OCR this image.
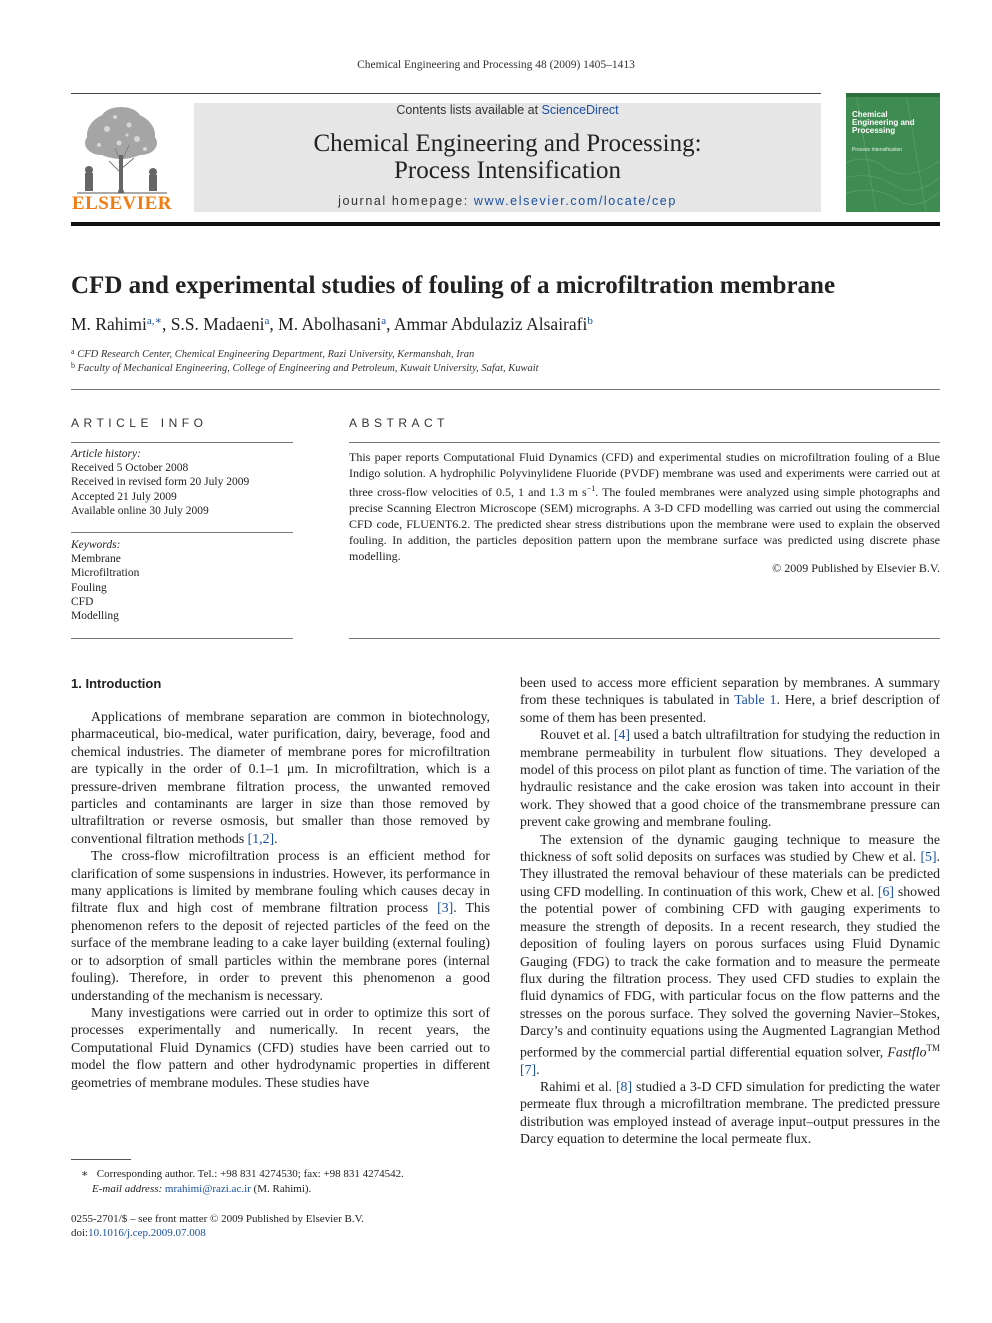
Chemical Engineering and Processing 48 (2009) 1405–1413
ELSEVIER
Contents lists available at ScienceDirect
Chemical Engineering and Processing:
Process Intensification
journal homepage: www.elsevier.com/locate/cep
Chemical Engineering and Processing
Process Intensification
CFD and experimental studies of fouling of a microfiltration membrane
M. Rahimi$^{a,∗}$, S.S. Madaeni$^a$, M. Abolhasani$^a$, Ammar Abdulaziz Alsairafi$^b$
$^a$ CFD Research Center, Chemical Engineering Department, Razi University, Kermanshah, Iran
$^b$ Faculty of Mechanical Engineering, College of Engineering and Petroleum, Kuwait University, Safat, Kuwait
ARTICLE INFO	ABSTRACT
Article history:
Received 5 October 2008
Received in revised form 20 July 2009
Accepted 21 July 2009
Available online 30 July 2009
Keywords:
Membrane
Microfiltration
Fouling
CFD
Modelling
This paper reports Computational Fluid Dynamics (CFD) and experimental studies on microfiltration fouling of a Blue Indigo solution. A hydrophilic Polyvinylidene Fluoride (PVDF) membrane was used and experiments were carried out at three cross-flow velocities of 0.5, 1 and 1.3 m $s^{-1}$. The fouled membranes were analyzed using simple photographs and precise Scanning Electron Microscope (SEM) micrographs. A 3-D CFD modelling was carried out using the commercial CFD code, FLUENT6.2. The predicted shear stress distributions upon the membrane were used to explain the observed fouling. In addition, the particles deposition pattern upon the membrane surface was predicted using discrete phase modelling.
© 2009 Published by Elsevier B.V.
1. Introduction

Applications of membrane separation are common in biotechnology, pharmaceutical, bio-medical, water purification, dairy, beverage, food and chemical industries. The diameter of membrane pores for microfiltration are typically in the order of 0.1–1 μm. In microfiltration, which is a pressure-driven membrane filtration process, the unwanted removed particles and contaminants are larger in size than those removed by ultrafiltration or reverse osmosis, but smaller than those removed by conventional filtration methods [1,2].

The cross-flow microfiltration process is an efficient method for clarification of some suspensions in industries. However, its performance in many applications is limited by membrane fouling which causes decay in filtrate flux and high cost of membrane filtration process [3]. This phenomenon refers to the deposit of rejected particles of the feed on the surface of the membrane leading to a cake layer building (external fouling) or to adsorption of small particles within the membrane pores (internal fouling). Therefore, in order to prevent this phenomenon a good understanding of the mechanism is necessary.

Many investigations were carried out in order to optimize this sort of processes experimentally and numerically. In recent years, the Computational Fluid Dynamics (CFD) studies have been carried out to model the flow pattern and other hydrodynamic properties in different geometries of membrane modules. These studies have

been used to access more efficient separation by membranes. A summary from these techniques is tabulated in Table 1. Here, a brief description of some of them has been presented.

Rouvet et al. [4] used a batch ultrafiltration for studying the reduction in membrane permeability in turbulent flow situations. They developed a model of this process on pilot plant as function of time. The variation of the hydraulic resistance and the cake erosion was taken into account in their work. They showed that a good choice of the transmembrane pressure can prevent cake growing and membrane fouling.

The extension of the dynamic gauging technique to measure the thickness of soft solid deposits on surfaces was studied by Chew et al. [5]. They illustrated the removal behaviour of these materials can be predicted using CFD modelling. In continuation of this work, Chew et al. [6] showed the potential power of combining CFD with gauging experiments to measure the strength of deposits. In a recent research, they studied the deposition of fouling layers on porous surfaces using Fluid Dynamic Gauging (FDG) to track the cake formation and to measure the permeate flux during the filtration process. They used CFD studies to explain the fluid dynamics of FDG, with particular focus on the flow patterns and the stresses on the porous surface. They solved the governing Navier–Stokes, Darcy’s and continuity equations using the Augmented Lagrangian Method performed by the commercial partial differential equation solver, Fastflo™ [7].

Rahimi et al. [8] studied a 3-D CFD simulation for predicting the water permeate flux through a microfiltration membrane. The predicted pressure distribution was employed instead of average input–output pressures in the Darcy equation to determine the local permeate flux.

∗ Corresponding author. Tel.: +98 831 4274530; fax: +98 831 4274542.
E-mail address: mrahimi@razi.ac.ir (M. Rahimi).
0255-2701/$ – see front matter © 2009 Published by Elsevier B.V.
doi:10.1016/j.cep.2009.07.008
